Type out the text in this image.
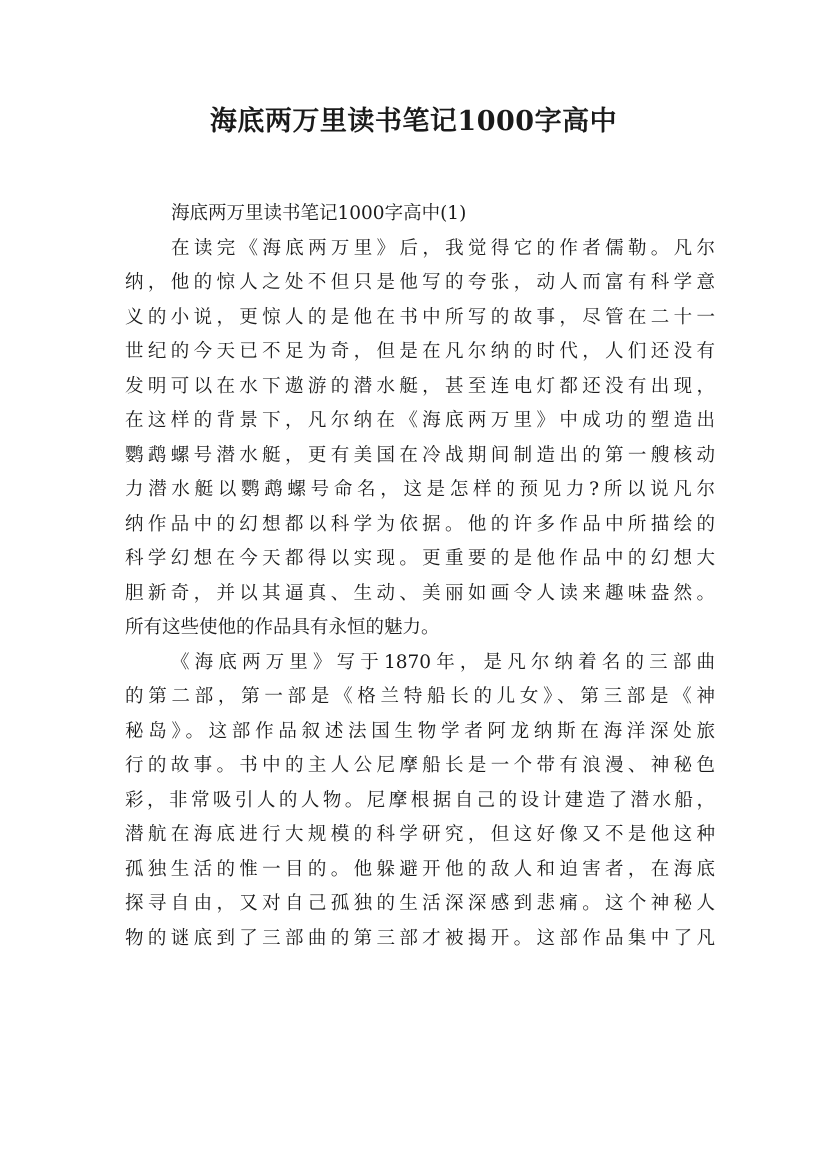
海底两万里读书笔记1000字高中

海底两万里读书笔记1000字高中(1)

在读完《海底两万里》后，我觉得它的作者儒勒。凡尔
纳，他的惊人之处不但只是他写的夸张，动人而富有科学意
义的小说，更惊人的是他在书中所写的故事，尽管在二十一
世纪的今天已不足为奇，但是在凡尔纳的时代，人们还没有
发明可以在水下遨游的潜水艇，甚至连电灯都还没有出现，
在这样的背景下，凡尔纳在《海底两万里》中成功的塑造出
鹦鹉螺号潜水艇，更有美国在冷战期间制造出的第一艘核动
力潜水艇以鹦鹉螺号命名，这是怎样的预见力?所以说凡尔
纳作品中的幻想都以科学为依据。他的许多作品中所描绘的
科学幻想在今天都得以实现。更重要的是他作品中的幻想大
胆新奇，并以其逼真、生动、美丽如画令人读来趣味盎然。
所有这些使他的作品具有永恒的魅力。
《海底两万里》写于1870年，是凡尔纳着名的三部曲
的第二部，第一部是《格兰特船长的儿女》、第三部是《神
秘岛》。这部作品叙述法国生物学者阿龙纳斯在海洋深处旅
行的故事。书中的主人公尼摩船长是一个带有浪漫、神秘色
彩，非常吸引人的人物。尼摩根据自己的设计建造了潜水船，
潜航在海底进行大规模的科学研究，但这好像又不是他这种
孤独生活的惟一目的。他躲避开他的敌人和迫害者，在海底
探寻自由，又对自己孤独的生活深深感到悲痛。这个神秘人
物的谜底到了三部曲的第三部才被揭开。这部作品集中了凡
